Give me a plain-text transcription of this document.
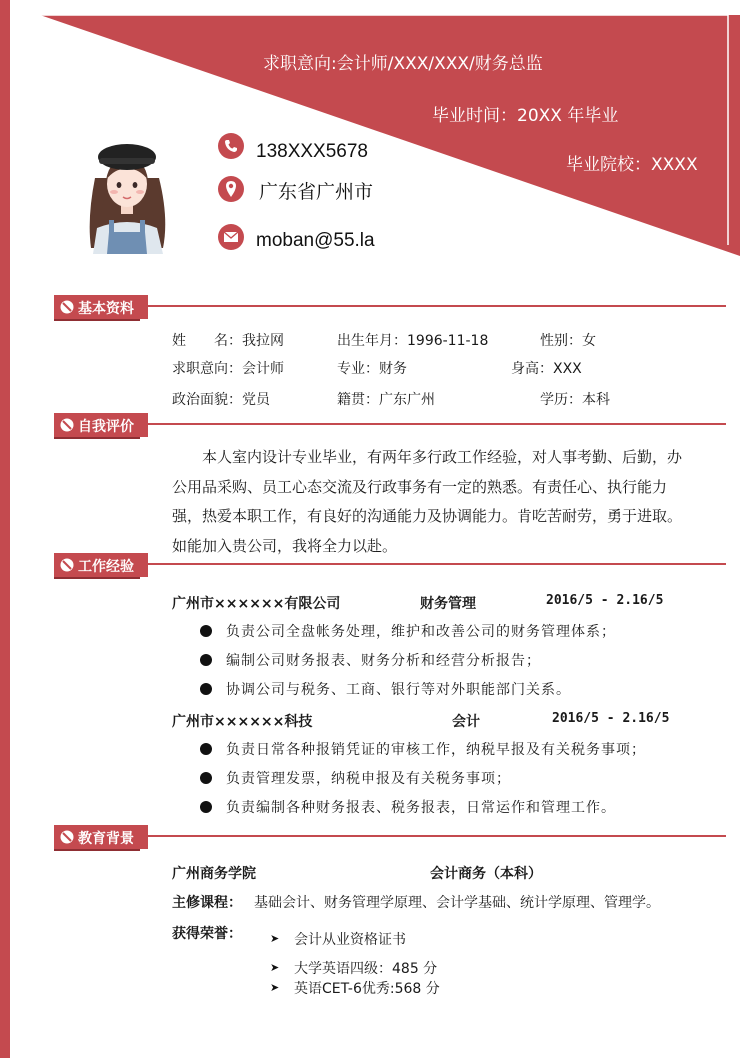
求职意向:会计师/XXX/XXX/财务总监
毕业时间：20XX 年毕业
毕业院校：XXXX
138XXX5678
广东省广州市
moban@55.la
基本资料
姓　　名：我拉网	出生年月：1996-11-18	性别：女
求职意向：会计师	专业：财务	身高：XXX
政治面貌：党员	籍贯：广东广州	学历：本科
自我评价
本人室内设计专业毕业，有两年多行政工作经验，对人事考勤、后勤，办公用品采购、员工心态交流及行政事务有一定的熟悉。有责任心、执行能力强，热爱本职工作，有良好的沟通能力及协调能力。肯吃苦耐劳，勇于进取。如能加入贵公司，我将全力以赴。
工作经验
广州市××××××有限公司	财务管理	2016/5 - 2.16/5
负责公司全盘帐务处理，维护和改善公司的财务管理体系；
编制公司财务报表、财务分析和经营分析报告；
协调公司与税务、工商、银行等对外职能部门关系。
广州市××××××科技	会计	2016/5 - 2.16/5
负责日常各种报销凭证的审核工作，纳税早报及有关税务事项；
负责管理发票，纳税申报及有关税务事项；
负责编制各种财务报表、税务报表，日常运作和管理工作。
教育背景
广州商务学院	会计商务（本科）
主修课程： 基础会计、财务管理学原理、会计学基础、统计学原理、管理学。
获得荣誉：	➤ 会计从业资格证书
➤ 大学英语四级：485 分
➤ 英语CET-6优秀:568 分
